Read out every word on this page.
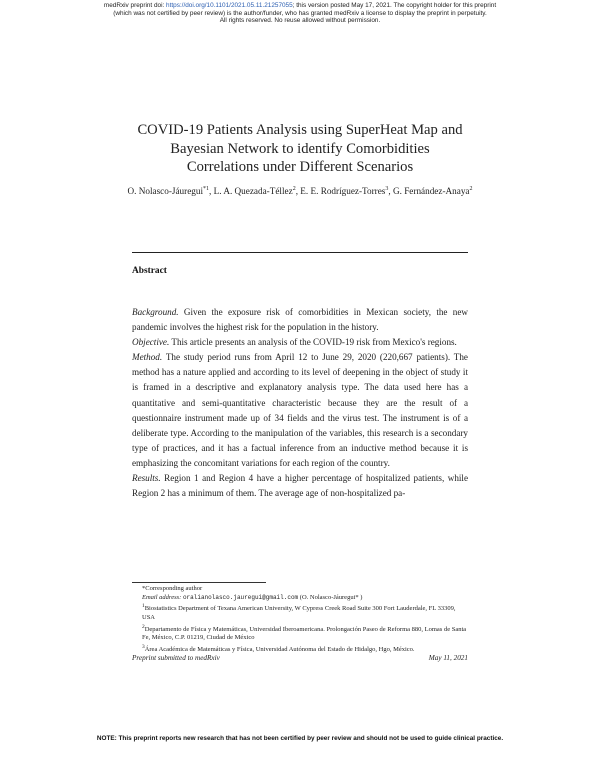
medRxiv preprint doi: https://doi.org/10.1101/2021.05.11.21257055; this version posted May 17, 2021. The copyright holder for this preprint
(which was not certified by peer review) is the author/funder, who has granted medRxiv a license to display the preprint in perpetuity.
All rights reserved. No reuse allowed without permission.
COVID-19 Patients Analysis using SuperHeat Map and
Bayesian Network to identify Comorbidities
Correlations under Different Scenarios
O. Nolasco-Jáuregui$^{*1}$, L. A. Quezada-Téllez$^2$, E. E. Rodríguez-Torres$^3$, G. Fernández-Anaya$^2$
Abstract

Background. Given the exposure risk of comorbidities in Mexican society, the new pandemic involves the highest risk for the population in the history.

Objective. This article presents an analysis of the COVID-19 risk from Mexico's regions.

Method. The study period runs from April 12 to June 29, 2020 (220,667 patients). The method has a nature applied and according to its level of deepening in the object of study it is framed in a descriptive and explanatory analysis type. The data used here has a quantitative and semi-quantitative characteristic because they are the result of a questionnaire instrument made up of 34 fields and the virus test. The instrument is of a deliberate type. According to the manipulation of the variables, this research is a secondary type of practices, and it has a factual inference from an inductive method because it is emphasizing the concomitant variations for each region of the country.

Results. Region 1 and Region 4 have a higher percentage of hospitalized patients, while Region 2 has a minimum of them. The average age of non-hospitalized pa-

*Corresponding author

Email address: oralianolasco.jauregui@gmail.com (O. Nolasco-Jáuregui* )

$^1$Biostatistics Department of Texana American University, W Cypress Creek Road Suite 300 Fort Lauderdale, FL 33309, USA

$^2$Departamento de Física y Matemáticas, Universidad Iberoamericana. Prolongación Paseo de Reforma 880, Lomas de Santa Fe, México, C.P. 01219, Ciudad de México

$^3$Área Académica de Matemáticas y Física, Universidad Autónoma del Estado de Hidalgo, Hgo, México.

Preprint submitted to medRxiv	May 11, 2021
NOTE: This preprint reports new research that has not been certified by peer review and should not be used to guide clinical practice.
